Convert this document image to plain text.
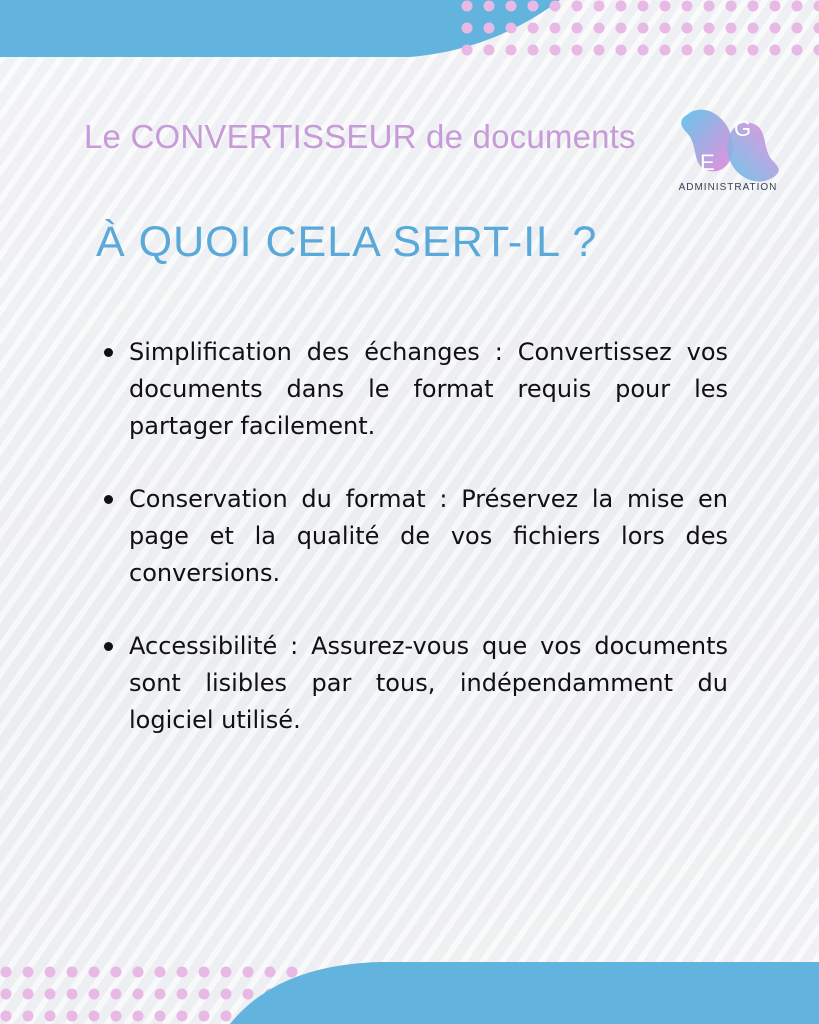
Le CONVERTISSEUR de documents	G
E
ADMINISTRATION
À QUOI CELA SERT-IL ?
Simplification des échanges : Convertissez vos documents dans le format requis pour les partager facilement.
Conservation du format : Préservez la mise en page et la qualité de vos fichiers lors des conversions.
Accessibilité : Assurez-vous que vos documents sont lisibles par tous, indépendamment du logiciel utilisé.
